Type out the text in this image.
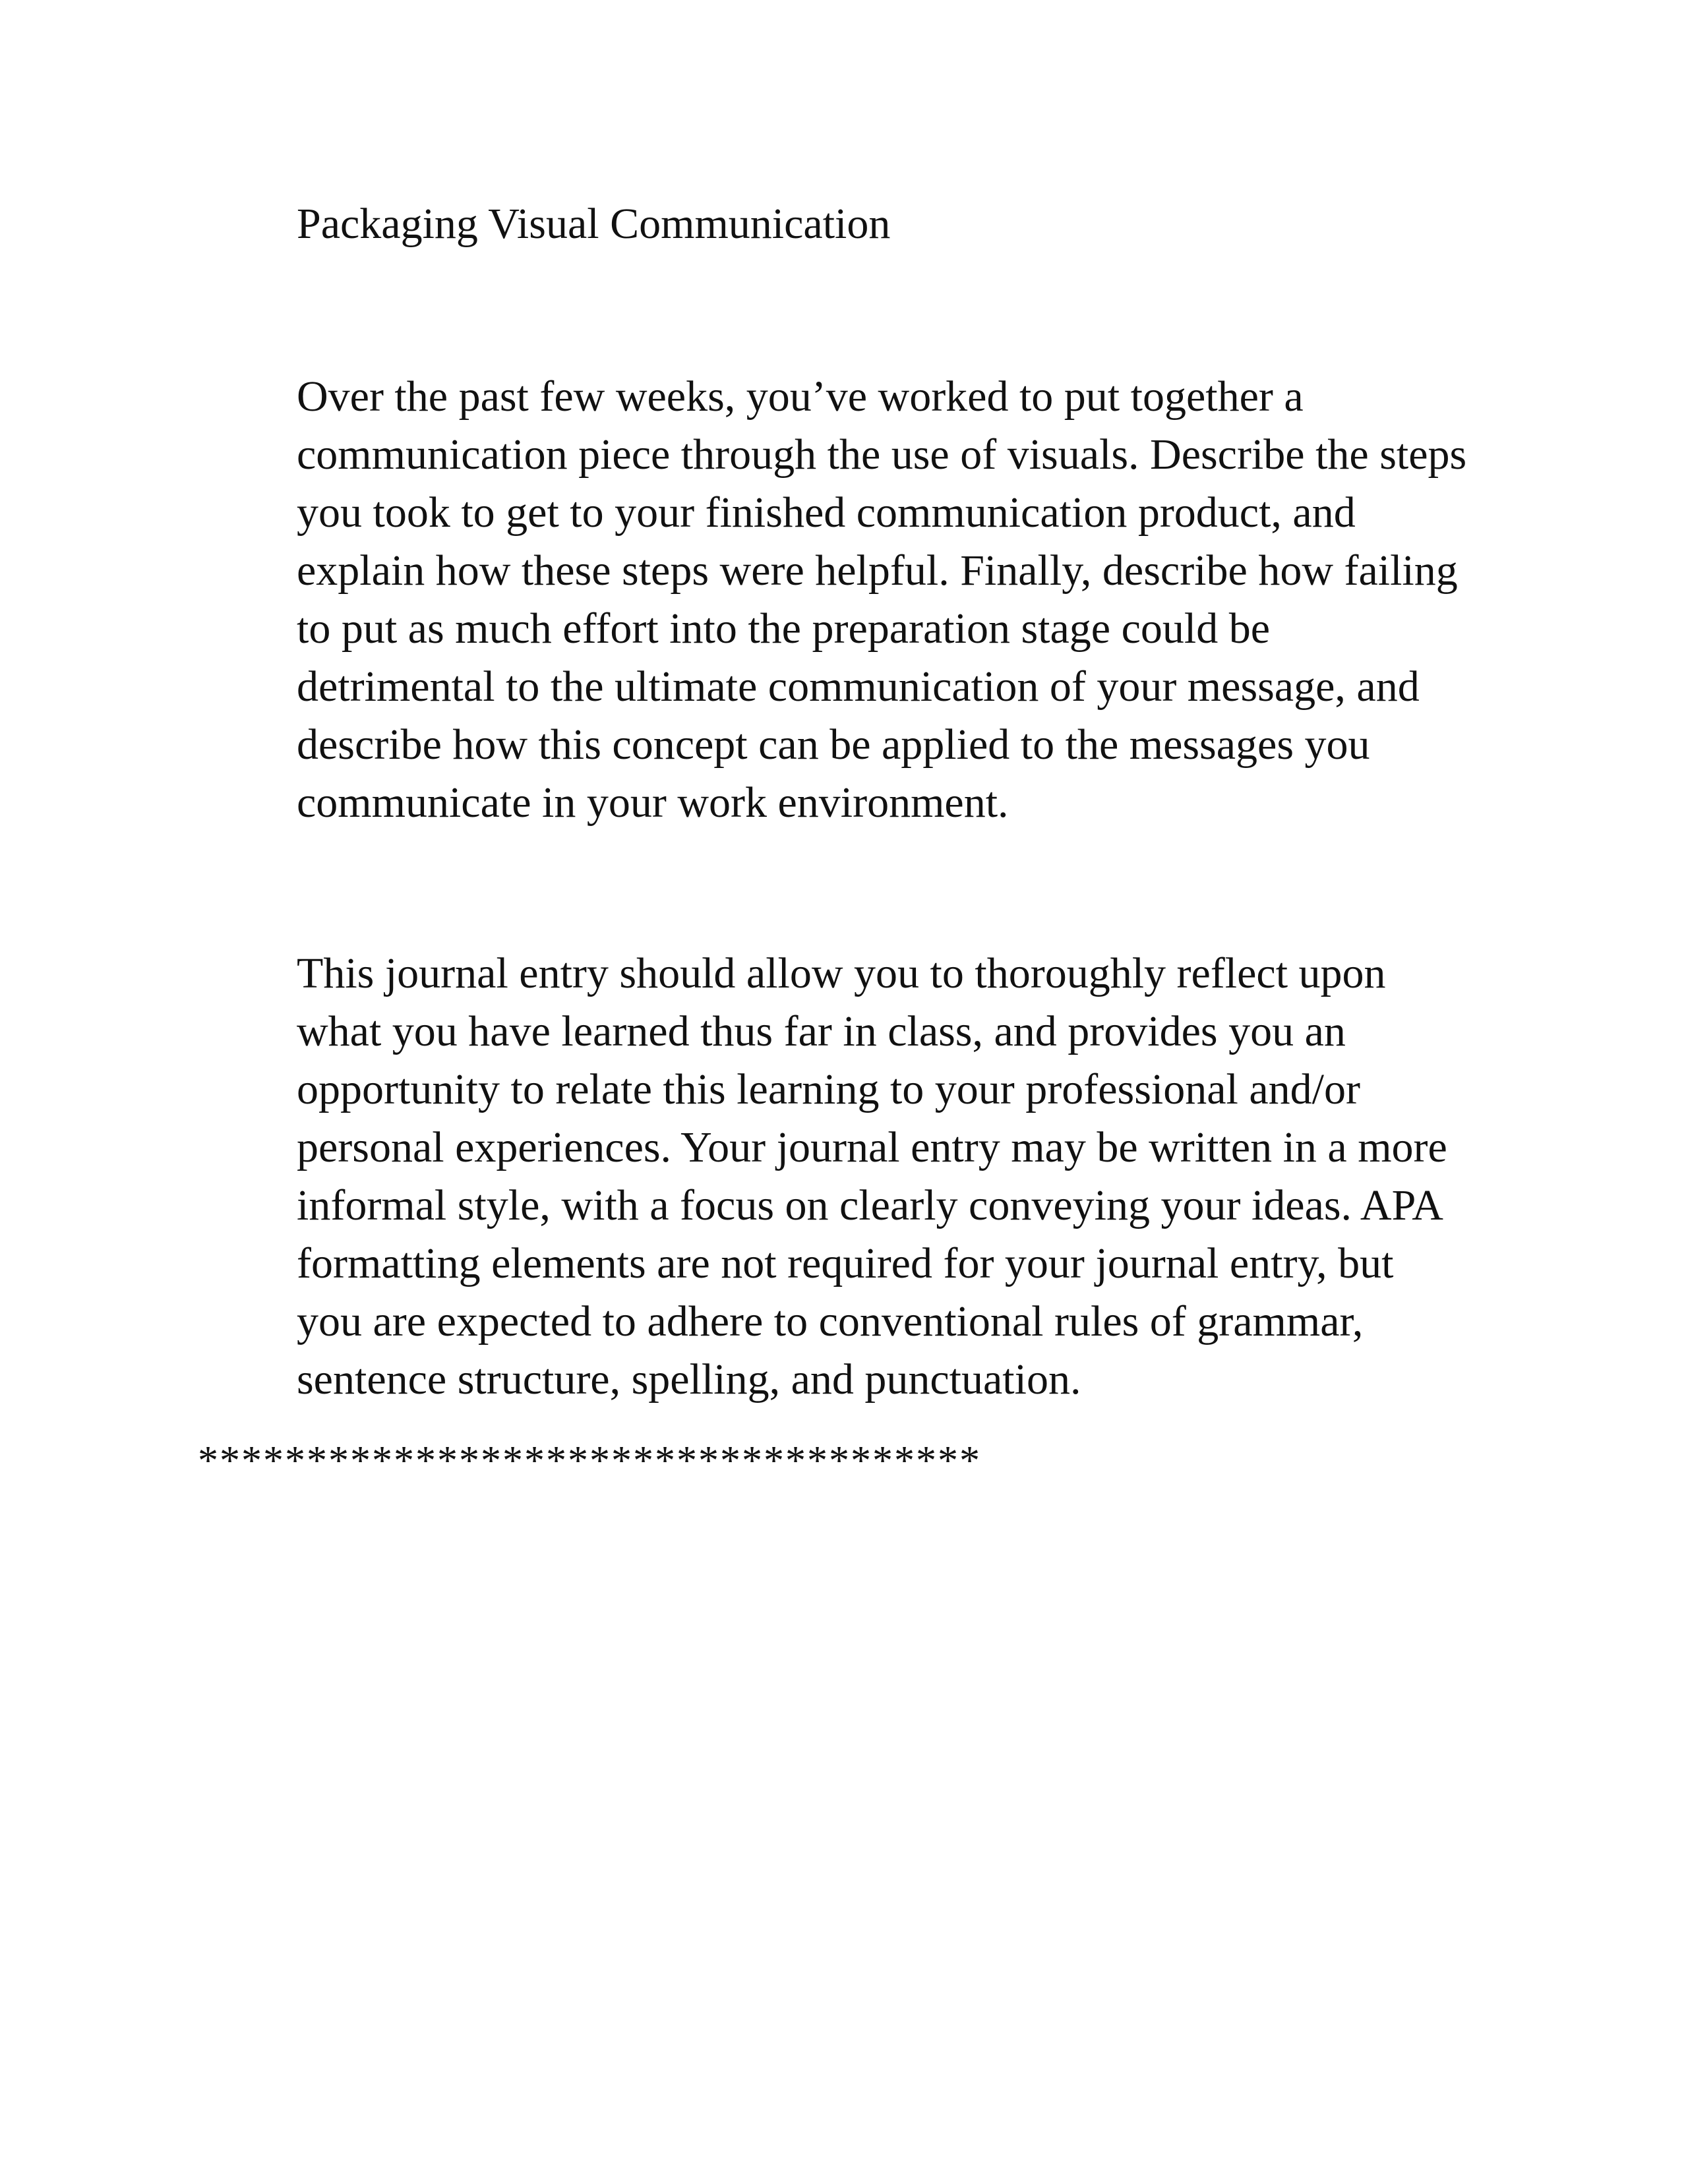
Packaging Visual Communication
Over the past few weeks, you’ve worked to put together a
communication piece through the use of visuals. Describe the steps
you took to get to your finished communication product, and
explain how these steps were helpful. Finally, describe how failing
to put as much effort into the preparation stage could be
detrimental to the ultimate communication of your message, and
describe how this concept can be applied to the messages you
communicate in your work environment.
This journal entry should allow you to thoroughly reflect upon
what you have learned thus far in class, and provides you an
opportunity to relate this learning to your professional and/or
personal experiences. Your journal entry may be written in a more
informal style, with a focus on clearly conveying your ideas. APA
formatting elements are not required for your journal entry, but
you are expected to adhere to conventional rules of grammar,
sentence structure, spelling, and punctuation.
************************************
